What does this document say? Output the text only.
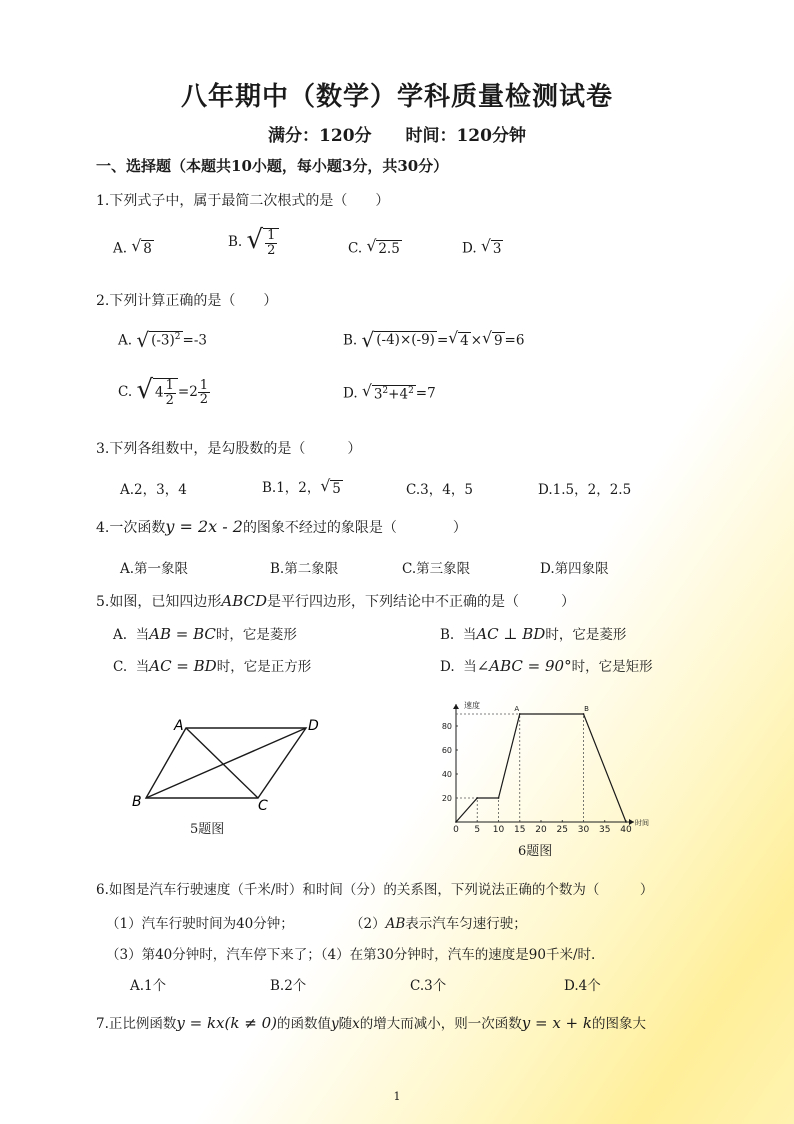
八年期中（数学）学科质量检测试卷
满分：120分 时间：120分钟
一、选择题（本题共10小题，每小题3分，共30分）
1.下列式子中，属于最简二次根式的是（　　）
A. √ 8	B. √ $\frac{1}{2}$	C. √ 2.5	D. √ 3
2.下列计算正确的是（　　）
A. √ $(-3)^2 =-3$	B. √ (-4)×(-9) = √ 4 × √ 9 =6
C. √ $4 \frac{1}{2} =2 \frac{1}{2}$	D. √ $3^2+4^2 =7$
3.下列各组数中，是勾股数的是（　　　）
A.2，3，4	B.1，2， √ 5	C.3，4，5	D.1.5，2，2.5
4.一次函数y = 2x - 2的图象不经过的象限是（　　　　）
A.第一象限	B.第二象限	C.第三象限	D.第四象限
5.如图，已知四边形ABCD是平行四边形，下列结论中不正确的是（　　　）
A. 当AB = BC时，它是菱形	B. 当AC ⊥ BD时，它是菱形
C. 当AC = BD时，它是正方形	D. 当∠ABC = 90°时，它是矩形
A	D
B	C
5题图
速度
时间
0 5 10 15 20 25 30 35 40
20
40
60
80
A	B
6题图
6.如图是汽车行驶速度（千米/时）和时间（分）的关系图，下列说法正确的个数为（　　　）
（1）汽车行驶时间为40分钟；	（2）AB表示汽车匀速行驶；
（3）第40分钟时，汽车停下来了；（4）在第30分钟时，汽车的速度是90千米/时.
A.1个	B.2个	C.3个	D.4个
7.正比例函数y = kx(k ≠ 0)的函数值y随x的增大而减小，则一次函数y = x + k的图象大
1
